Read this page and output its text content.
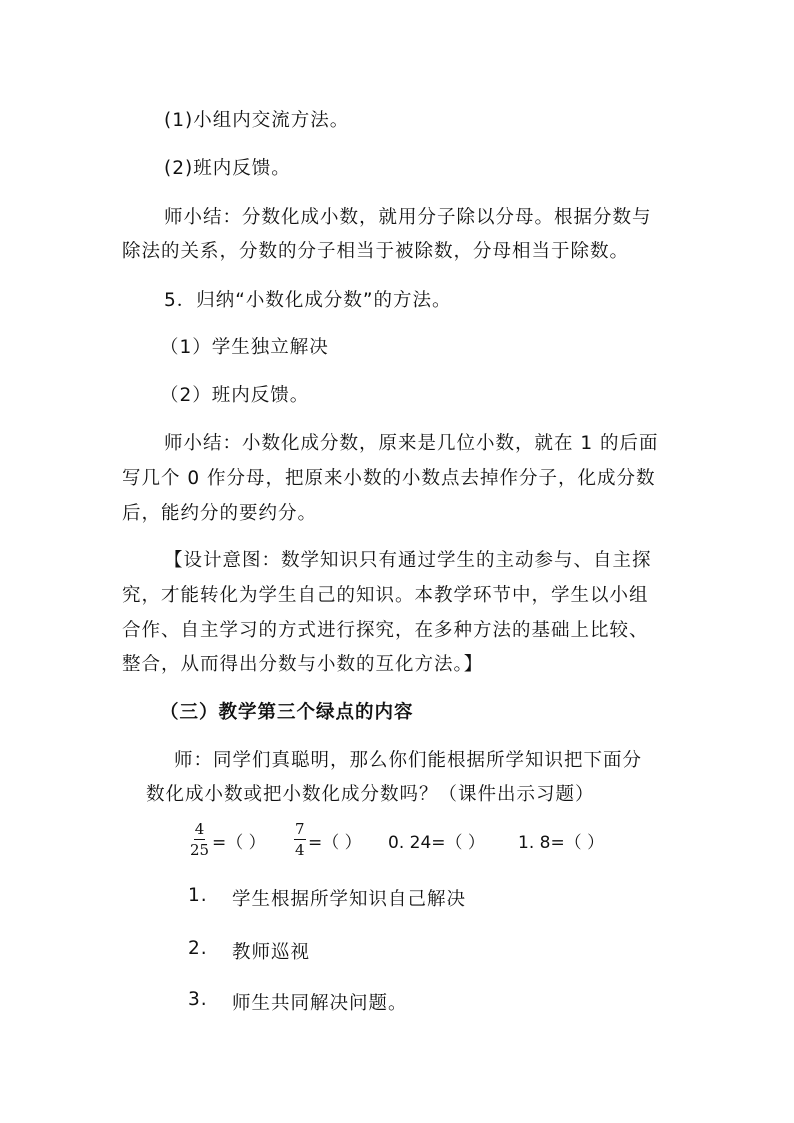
(1)小组内交流方法。
(2)班内反馈。
师小结：分数化成小数，就用分子除以分母。根据分数与
除法的关系，分数的分子相当于被除数，分母相当于除数。
5．归纳“小数化成分数”的方法。
（1）学生独立解决
（2）班内反馈。
师小结：小数化成分数，原来是几位小数，就在 1 的后面
写几个 0 作分母，把原来小数的小数点去掉作分子，化成分数
后，能约分的要约分。
【设计意图：数学知识只有通过学生的主动参与、自主探
究，才能转化为学生自己的知识。本教学环节中，学生以小组
合作、自主学习的方式进行探究，在多种方法的基础上比较、
整合，从而得出分数与小数的互化方法。】
（三）教学第三个绿点的内容
师：同学们真聪明，那么你们能根据所学知识把下面分
数化成小数或把小数化成分数吗？（课件出示习题）
$\frac{4}{25}$ =（ ） $\frac{7}{4}$ =（ ） 0. 24=（ ） 1. 8=（ ）
1. 学生根据所学知识自己解决
2. 教师巡视
3. 师生共同解决问题。
